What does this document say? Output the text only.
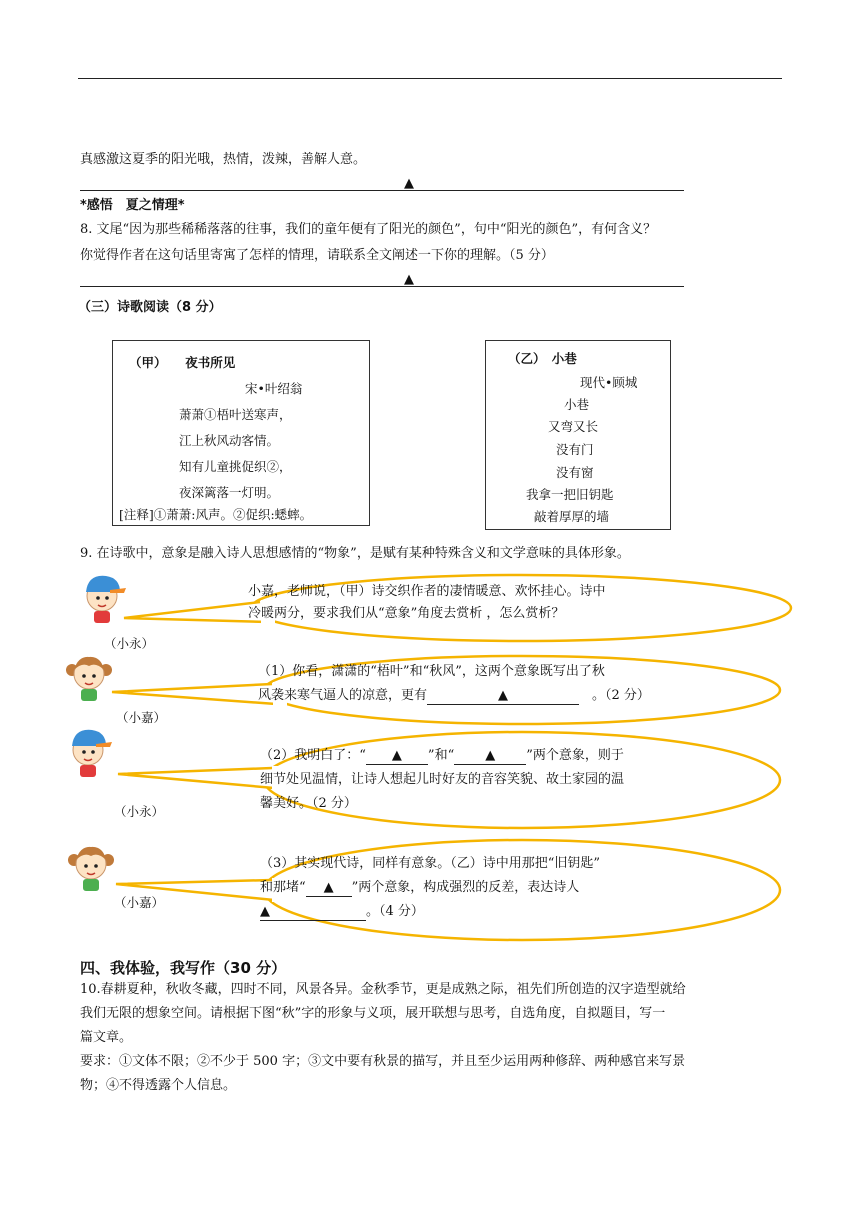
真感激这夏季的阳光哦，热情，泼辣，善解人意。
▲
*感悟　夏之情理*
8. 文尾“因为那些稀稀落落的往事，我们的童年便有了阳光的颜色”，句中“阳光的颜色”，有何含义？
你觉得作者在这句话里寄寓了怎样的情理，请联系全文阐述一下你的理解。（5 分）
▲
（三）诗歌阅读（8 分）
（甲）　　夜书所见
宋•叶绍翁
萧萧①梧叶送寒声，
江上秋风动客情。
知有儿童挑促织②，
夜深篱落一灯明。
[注释]①萧萧:风声。②促织:蟋蟀。
（乙）　小巷
现代•顾城
小巷
又弯又长
没有门
没有窗
我拿一把旧钥匙
敲着厚厚的墙
9. 在诗歌中，意象是融入诗人思想感情的“物象”，是赋有某种特殊含义和文学意味的具体形象。
（小永）
小嘉，老师说，（甲）诗交织作者的凄情暖意、欢怀挂心。诗中
冷暖两分，要求我们从“意象”角度去赏析 ，怎么赏析？
（小嘉）
（1）你看，潇潇的“梧叶”和“秋风”，这两个意象既写出了秋
风袭来寒气逼人的凉意，更有	▲	　。（2 分）
（小永）
（2）我明白了：“ ▲ ”和“ ▲ ”两个意象，则于
细节处见温情，让诗人想起儿时好友的音容笑貌、故土家园的温
馨美好。（2 分）
（小嘉）
（3）其实现代诗，同样有意象。（乙）诗中用那把“旧钥匙”
和那堵“ ▲ ”两个意象，构成强烈的反差，表达诗人
▲	。（4 分）
四、我体验，我写作（30 分）
10.春耕夏种，秋收冬藏，四时不同，风景各异。金秋季节，更是成熟之际，祖先们所创造的汉字造型就给
我们无限的想象空间。请根据下图“秋”字的形象与义项，展开联想与思考，自选角度，自拟题目，写一
篇文章。
要求：①文体不限；②不少于 500 字；③文中要有秋景的描写，并且至少运用两种修辞、两种感官来写景
物；④不得透露个人信息。
